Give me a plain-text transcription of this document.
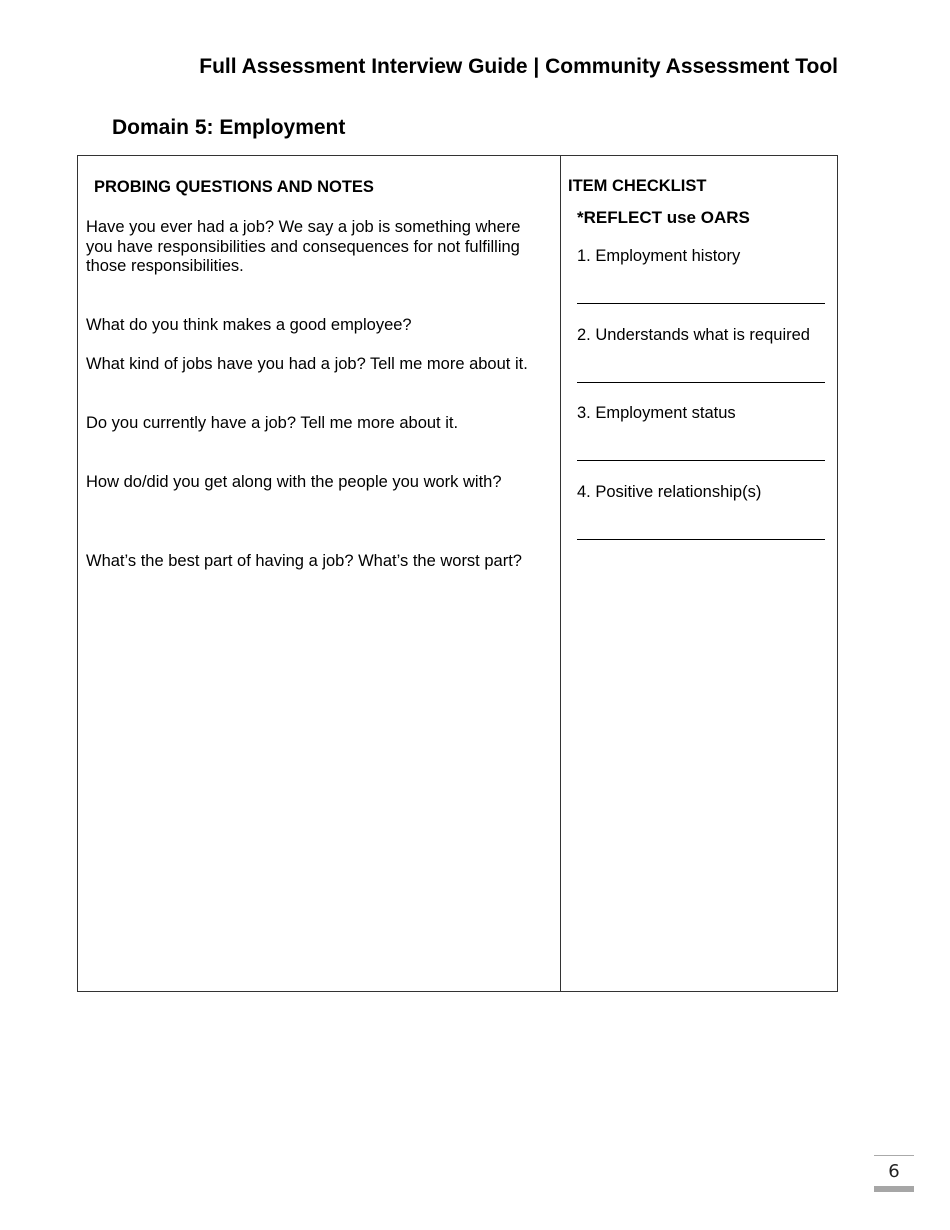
Full Assessment Interview Guide | Community Assessment Tool
Domain 5: Employment
PROBING QUESTIONS AND NOTES
Have you ever had a job? We say a job is something where you have responsibilities and consequences for not fulfilling those responsibilities.
What do you think makes a good employee?
What kind of jobs have you had a job? Tell me more about it.
Do you currently have a job? Tell me more about it.
How do/did you get along with the people you work with?
What’s the best part of having a job? What’s the worst part?
ITEM CHECKLIST
*REFLECT use OARS
1. Employment history
2. Understands what is required
3. Employment status
4. Positive relationship(s)
6
